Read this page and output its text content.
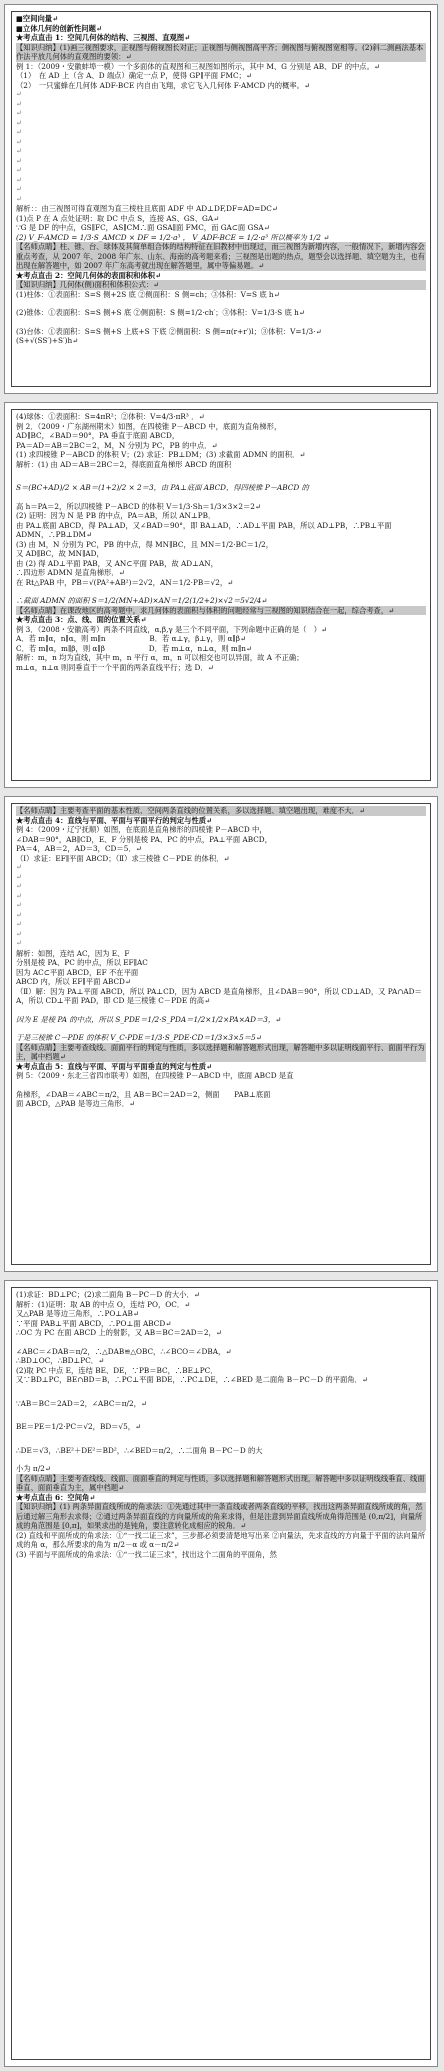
■空间向量↵
■立体几何的创新性问题↵
★考点直击 1：空间几何体的结构、三视图、直观图↵
【知识归纳】(1)画三视图要求，正视图与俯视图长对正；正视图与侧视图高平齐；侧视图与俯视图宽相等。(2)斜二测画法基本作法平放几何体的直观图的要领：↵
例 1：（2009・安徽蚌埠一模）一个多面体的直观图和三视图如图所示，其中 M、G 分别是 AB、DF 的中点。↵
（1）　在 AD 上（含 A、D 端点）确定一点 P，使得 GP∥平面 FMC；↵
（2）　一只蜜蜂在几何体 ADF-BCE 内自由飞翔，求它飞入几何体 F-AMCD 内的概率。↵
↵
↵
↵
↵
↵
↵
↵
↵
↵
↵
↵
↵
解析：：由三视图可得直观图为直三棱柱且底面 ADF 中 AD⊥DF,DF=AD=DC↵
(1)点 P 在 A 点处证明：取 DC 中点 S，连接 AS、GS、GA↵
∵G 是 DF 的中点，GS∥FC，AS∥CM∴面 GSA∥面 FMC，而 GA⊂面 GSA↵
(2) V_F-AMCD = 1/3·S_AMCD × DF = 1/2·a³ ， V_ADF-BCE = 1/2·a³ 所以概率为 1/2 ↵
【名师点睛】柱、锥、台、球体及其简单组合体的结构特征在旧教材中出现过，而三视图为新增内容，一般情况下，新增内容会重点考查，从 2007 年、2008 年广东、山东、海南的高考题来看；三视图是出题的热点，题型会以选择题、填空题为主，也有出现在解答题中，如 2007 年广东高考就出现在解答题里，属中等偏易题。↵
★考点直击 2：空间几何体的表面积和体积↵
【知识归纳】几何体(侧)面积和体积公式：↵
(1)柱体：①表面积：S=S 侧+2S 底 ②侧面积：S 侧=ch；③体积：V=S 底 h↵
(2)锥体：①表面积：S=S 侧+S 底 ②侧面积：S 侧=1/2·ch′；③体积：V=1/3·S 底 h↵
(3)台体：①表面积：S=S 侧+S 上底+S 下底 ②侧面积：S 侧=π(r+r′)l；③体积：V=1/3·↵
(S+√(SS′)+S′)h↵
(4)球体：①表面积：S=4πR²；②体积：V=4/3·πR³ ．↵
例 2．（2009・广东湖州期末）如图，在四棱锥 P－ABCD 中，底面为直角梯形，
AD∥BC，∠BAD＝90°，PA 垂直于底面 ABCD，
PA＝AD＝AB＝2BC＝2，M，N 分别为 PC，PB 的中点．↵
(1) 求四棱锥 P－ABCD 的体积 V；(2) 求证：PB⊥DM；(3) 求截面 ADMN 的面积．↵
解析：(1) 由 AD＝AB＝2BC＝2，得底面直角梯形 ABCD 的面积
S＝(BC+AD)/2 × AB＝(1+2)/2 × 2＝3，由 PA⊥底面 ABCD，得四棱锥 P－ABCD 的
高 h＝PA＝2，所以四棱锥 P－ABCD 的体积 V＝1/3·Sh＝1/3×3×2＝2↵
(2) 证明：因为 N 是 PB 的中点，PA＝AB，所以 AN⊥PB．
由 PA⊥底面 ABCD，得 PA⊥AD，又∠BAD＝90°，即 BA⊥AD，∴AD⊥平面 PAB，所以 AD⊥PB，∴PB⊥平面 ADMN，∴PB⊥DM↵
(3) 由 M，N 分别为 PC，PB 的中点，得 MN∥BC，且 MN＝1/2·BC＝1/2，
又 AD∥BC，故 MN∥AD，
由 (2) 得 AD⊥平面 PAB，又 AN⊂平面 PAB，故 AD⊥AN，
∴四边形 ADMN 是直角梯形．↵
在 Rt△PAB 中，PB＝√(PA²+AB²)＝2√2，AN＝1/2·PB＝√2，↵
∴截面 ADMN 的面积 S＝1/2(MN+AD)×AN＝1/2(1/2+2)×√2＝5√2/4↵
【名师点睛】在课改地区的高考题中，求几何体的表面积与体积的问题经常与三视图的知识结合在一起，综合考查，↵
★考点直击 3：点、线、面的位置关系↵
例 3．（2008・安徽高考）两条不同直线，α,β,γ 是三个不同平面，下列命题中正确的是（　）↵
A．若 m∥α，n∥α，则 m∥n　　　　　　B．若 α⊥γ，β⊥γ，则 α∥β↵
C．若 m∥α，m∥β，则 α∥β　　　　　　D．若 m⊥α，n⊥α，则 m∥n↵
解析：m，n 均为直线，其中 m，n 平行 α，m，n 可以相交也可以异面，故 A 不正确；
m⊥α，n⊥α 则同垂直于一个平面的两条直线平行；选 D．↵
【名师点睛】主要考查平面的基本性质、空间两条直线的位置关系，多以选择题、填空题出现，难度不大．↵
★考点直击 4：直线与平面、平面与平面平行的判定与性质↵
例 4：（2009・辽宁抚顺）如图，在底面是直角梯形的四棱锥 P－ABCD 中，
∠DAB＝90°，AB∥CD，E、F 分别是棱 PA、PC 的中点，PA⊥平面 ABCD，
PA＝4，AB＝2，AD＝3，CD＝5．↵
（Ⅰ）求证：EF∥平面 ABCD；（Ⅱ）求三棱锥 C－PDE 的体积．↵
↵
↵
↵
↵
↵
↵
↵
↵
↵
解析：如图，连结 AC，因为 E、F
分别是棱 PA、PC 的中点，所以 EF∥AC
因为 AC⊂平面 ABCD，EF 不在平面
ABCD 内，所以 EF∥平面 ABCD↵
（Ⅱ）解：因为 PA⊥平面 ABCD，所以 PA⊥CD，因为 ABCD 是直角梯形，且∠DAB＝90°，所以 CD⊥AD，又 PA∩AD＝A，所以 CD⊥平面 PAD，即 CD 是三棱锥 C－PDE 的高↵
因为 E 是棱 PA 的中点，所以 S_PDE＝1/2·S_PDA＝1/2×1/2×PA×AD＝3，↵
于是三棱锥 C－PDE 的体积 V_C-PDE＝1/3·S_PDE·CD＝1/3×3×5＝5↵
【名师点睛】主要考查线线、面面平行的判定与性质，多以选择题和解答题形式出现，解答题中多以证明线面平行、面面平行为主，属中档题↵
★考点直击 5：直线与平面、平面与平面垂直的判定与性质↵
例 5：（2009・东北三省四市联考）如图，在四棱锥 P－ABCD 中，底面 ABCD 是直
角梯形，∠DAB＝∠ABC＝π/2，且 AB＝BC＝2AD＝2，侧面　　PAB⊥底面
面 ABCD，△PAB 是等边三角形．↵
(1)求证：BD⊥PC；(2)求二面角 B－PC－D 的大小．↵
解析：(1)证明：取 AB 的中点 O，连结 PO，OC．↵
又△PAB 是等边三角形，∴PO⊥AB↵
∵平面 PAB⊥平面 ABCD，∴PO⊥面 ABCD↵
∴OC 为 PC 在面 ABCD 上的射影，又 AB＝BC＝2AD＝2，↵
∠ABC＝∠DAB＝π/2，∴△DAB≌△OBC，∴∠BCO＝∠DBA，↵
∴BD⊥OC，∴BD⊥PC．↵
(2)取 PC 中点 E，连结 BE、DE，∵PB＝BC，∴BE⊥PC．
又∵BD⊥PC，BE∩BD＝B，∴PC⊥平面 BDE，∴PC⊥DE，∴∠BED 是二面角 B－PC－D 的平面角．↵
∵AB＝BC＝2AD＝2，∠ABC＝π/2，↵
BE＝PE＝1/2·PC＝√2，BD＝√5，↵
∴DE＝√3，∴BE²＋DE²＝BD²，∴∠BED＝π/2，∴二面角 B－PC－D 的大
小为 π/2↵
【名师点睛】主要考查线线、线面、面面垂直的判定与性质，多以选择题和解答题形式出现，解答题中多以证明线线垂直、线面垂直、面面垂直为主，属中档题↵
★考点直击 6：空间角↵
【知识归纳】(1) 两条异面直线所成的角求法：①先通过其中一条直线或者两条直线的平移，找出这两条异面直线所成的角，然后通过解三角形去求得；②通过两条异面直线的方向量所成的角来求得，但是注意到异面直线所成角得范围是 (0,π/2]，向量所成的角范围是 [0,π]，如果求出的是钝角，要注意转化成相应的锐角．↵
(2) 直线和平面所成的角求法：①“一找二证三求”，三步都必须要清楚地写出来 ②向量法，先求直线的方向量于平面的法向量所成的角 α，那么所要求的角为 π/2－α 或 α－π/2↵
(3) 平面与平面所成的角求法：①“一找二证三求”，找出这个二面角的平面角，然
